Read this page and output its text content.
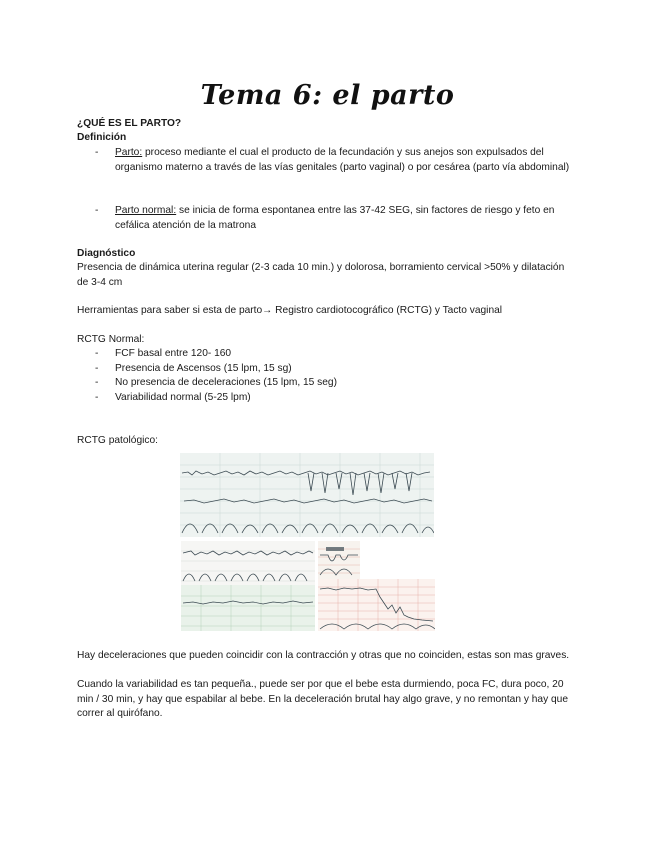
Tema 6: el parto
¿QUÉ ES EL PARTO?
Definición
- Parto: proceso mediante el cual el producto de la fecundación y sus anejos son expulsados del organismo materno a través de las vías genitales (parto vaginal) o por cesárea (parto vía abdominal)
- Parto normal: se inicia de forma espontanea entre las 37-42 SEG, sin factores de riesgo y feto en cefálica atención de la matrona
Diagnóstico
Presencia de dinámica uterina regular (2-3 cada 10 min.) y dolorosa, borramiento cervical >50% y dilatación de 3-4 cm
Herramientas para saber si esta de parto→ Registro cardiotocográfico (RCTG) y Tacto vaginal
RCTG Normal:
- FCF basal entre 120- 160
- Presencia de Ascensos (15 lpm, 15 sg)
- No presencia de deceleraciones (15 lpm, 15 seg)
- Variabilidad normal (5-25 lpm)
RCTG patológico:
Hay deceleraciones que pueden coincidir con la contracción y otras que no coinciden, estas son mas graves.
Cuando la variabilidad es tan pequeña., puede ser por que el bebe esta durmiendo, poca FC, dura poco, 20 min / 30 min, y hay que espabilar al bebe. En la deceleración brutal hay algo grave, y no remontan y hay que correr al quirófano.
